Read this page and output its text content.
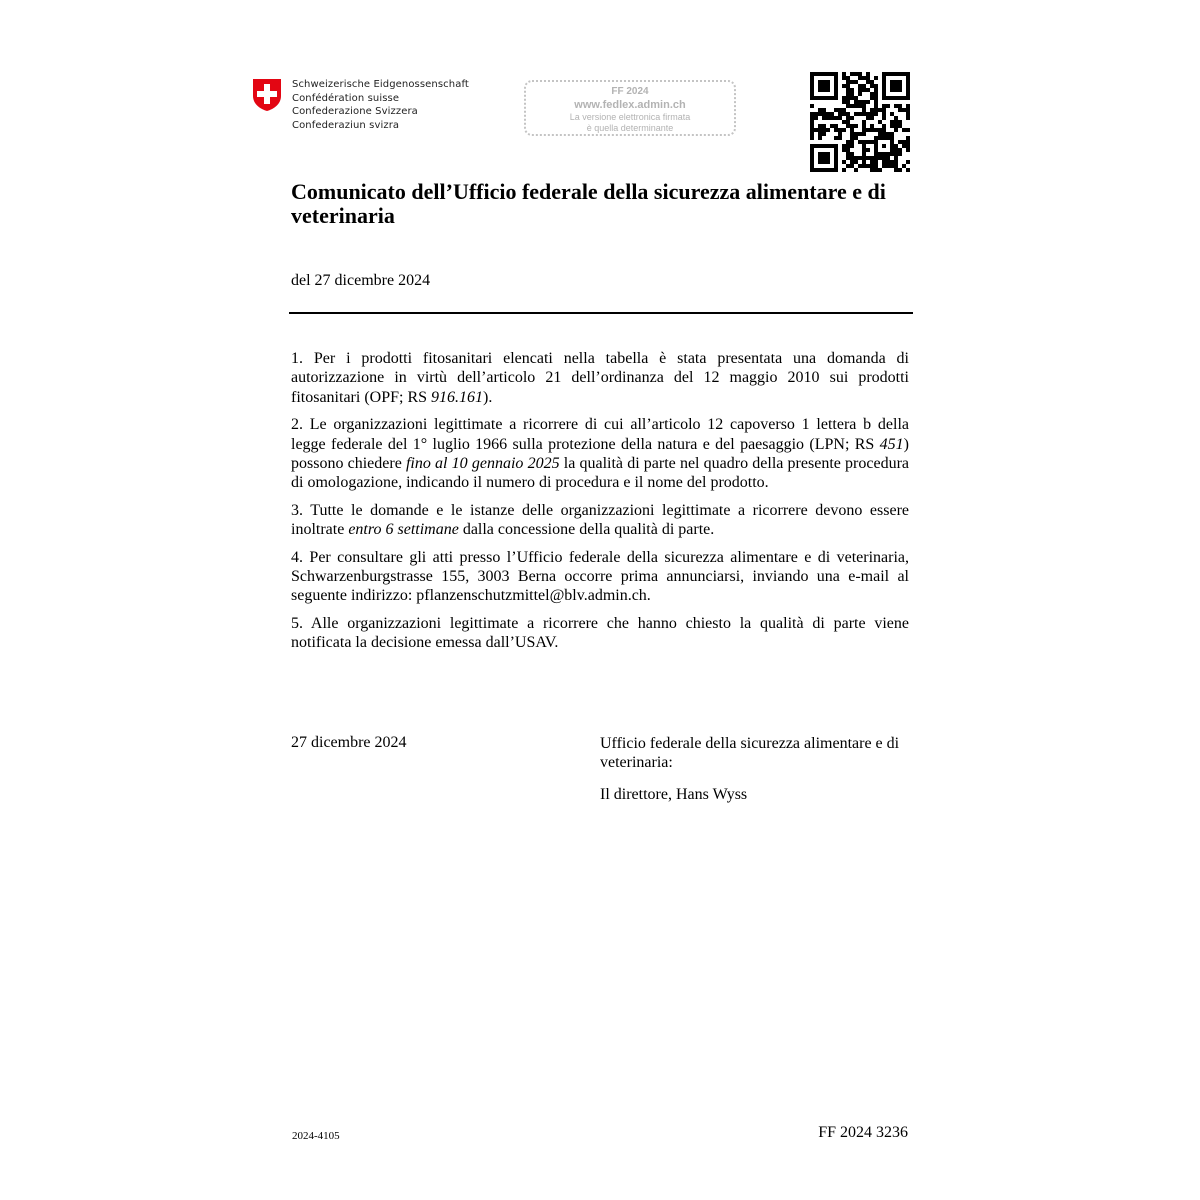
Schweizerische Eidgenossenschaft
Confédération suisse
Confederazione Svizzera
Confederaziun svizra
FF 2024
www.fedlex.admin.ch
La versione elettronica firmata
è quella determinante
Comunicato dell’Ufficio federale della sicurezza alimentare e di veterinaria
del 27 dicembre 2024

1. Per i prodotti fitosanitari elencati nella tabella è stata presentata una domanda di autorizzazione in virtù dell’articolo 21 dell’ordinanza del 12 maggio 2010 sui prodotti fitosanitari (OPF; RS 916.161).

2. Le organizzazioni legittimate a ricorrere di cui all’articolo 12 capoverso 1 lettera b della legge federale del 1° luglio 1966 sulla protezione della natura e del paesaggio (LPN; RS 451) possono chiedere fino al 10 gennaio 2025 la qualità di parte nel quadro della presente procedura di omologazione, indicando il numero di procedura e il nome del prodotto.

3. Tutte le domande e le istanze delle organizzazioni legittimate a ricorrere devono essere inoltrate entro 6 settimane dalla concessione della qualità di parte.

4. Per consultare gli atti presso l’Ufficio federale della sicurezza alimentare e di veterinaria, Schwarzenburgstrasse 155, 3003 Berna occorre prima annunciarsi, inviando una e-mail al seguente indirizzo: pflanzenschutzmittel@blv.admin.ch.

5. Alle organizzazioni legittimate a ricorrere che hanno chiesto la qualità di parte viene notificata la decisione emessa dall’USAV.

27 dicembre 2024	Ufficio federale della sicurezza alimentare e di veterinaria:
Il direttore, Hans Wyss
2024-4105	FF 2024 3236
